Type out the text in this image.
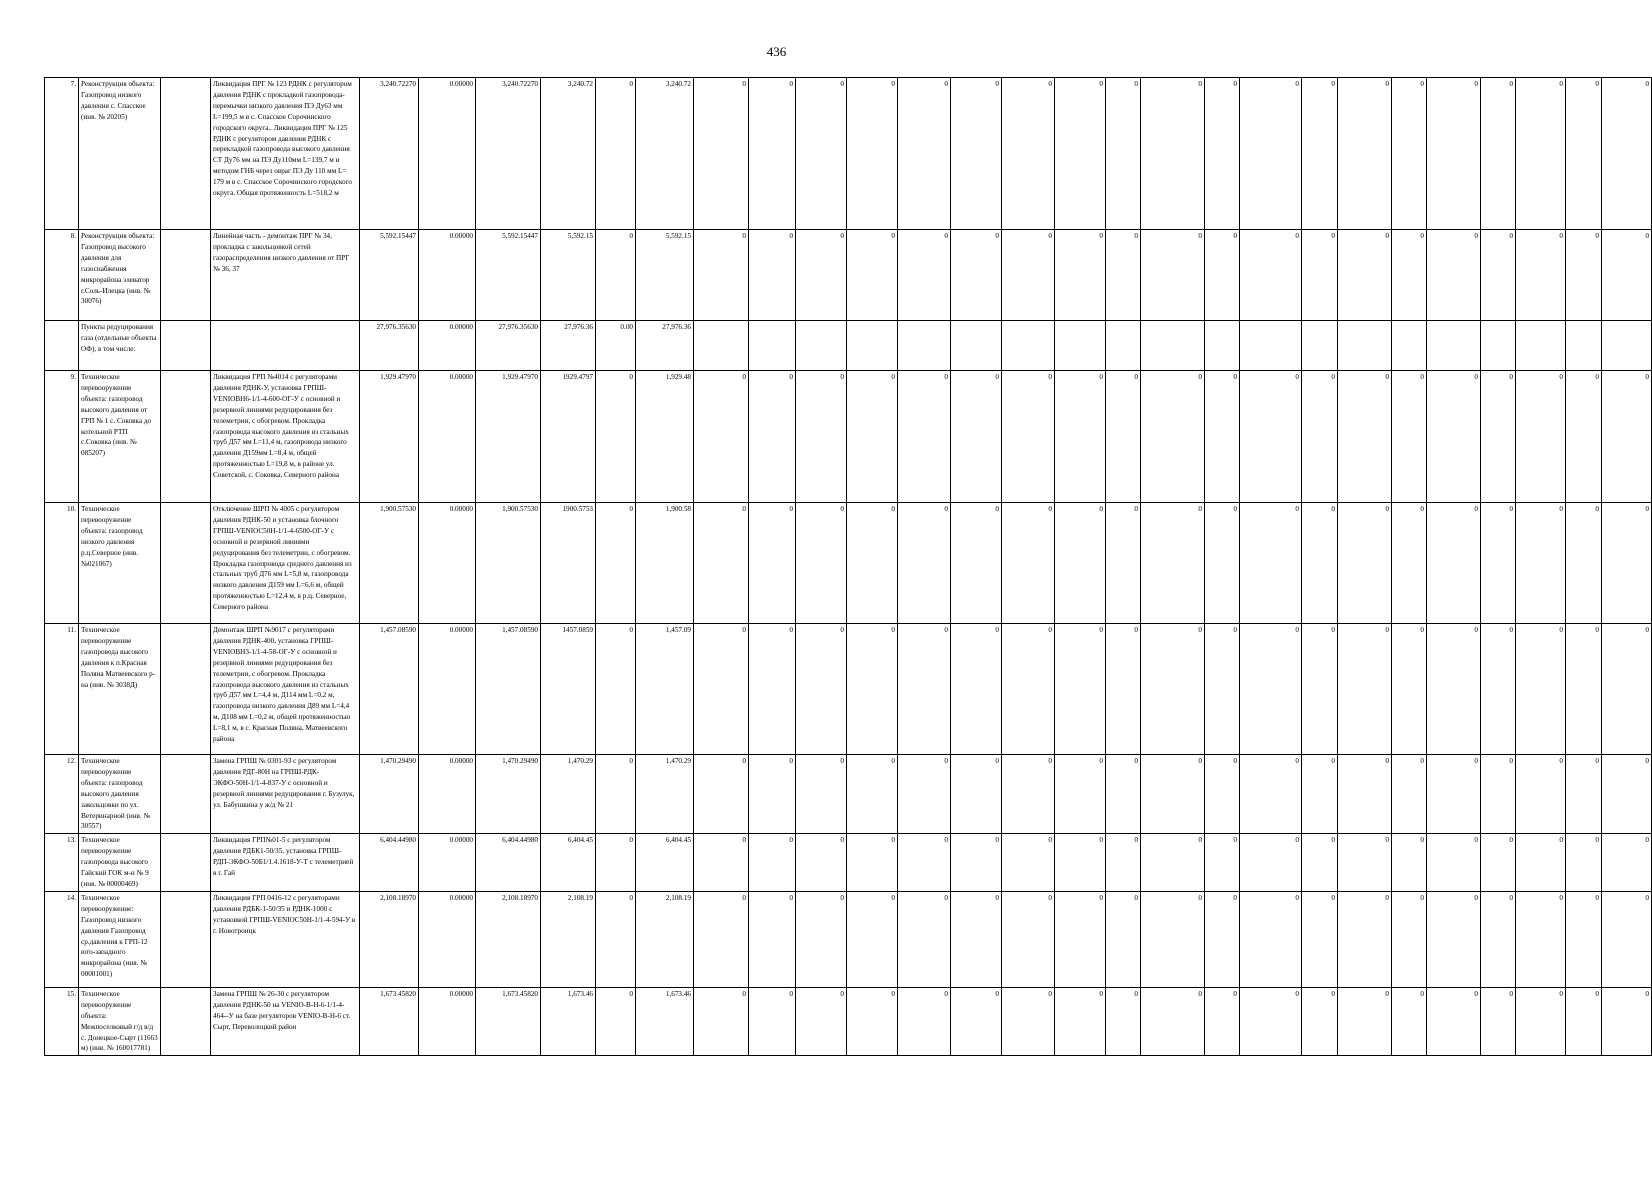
436
7.	Реконструкция объекта: Газопровод низкого давления с. Спасское (инв. № 20205)		Ликвидация ПРГ № 123 РДНК с регулятором давления РДНК с прокладкой газопровода-перемычки низкого давления ПЭ Ду63 мм L=199,5 м в с. Спасское Сорочинского городского округа.. Ликвидация ПРГ № 125 РДНК с регулятором давления РДНК с перекладкой газопровода высокого давления СТ Ду76 мм на ПЭ Ду110мм L=139,7 м и методом ГНБ через овраг ПЭ Ду 110 мм L= 179 м в с. Спасское Сорочинского городского округа. Общая протяженность L=518,2 м	3,240.72270	0.00000	3,240.72270	3,240.72	0	3,240.72	0	0	0	0	0	0	0	0	0	0	0	0	0	0	0	0	0	0	0	0
8.	Реконструкция объекта: Газопровод высокого давления для газоснабжения микрорайона элеватор г.Соль-Илецка (инв. № 30076)		Линейная часть - демонтаж ПРГ № 34, прокладка с закольцовкой сетей газораспределения низкого давления от ПРГ № 36, 37	5,592.15447	0.00000	5,592.15447	5,592.15	0	5,592.15	0	0	0	0	0	0	0	0	0	0	0	0	0	0	0	0	0	0	0	0
	Пункты редуцирования газа (отдельные объекты ОФ), в том числе:			27,976.35630	0.00000	27,976.35630	27,976.36	0.00	27,976.36																				
9.	Техническое перевооружение объекта: газопровод высокого давления от ГРП № 1 с. Соковка до котельной РТП с.Соковка (инв. № 085207)		Ликвидация ГРП №4014 с регуляторами давления РДНК-У, установка ГРПШ-VENIOBH6-1/1-4-600-ОГ-У с основной и резервной линиями редуцирования без телеметрии, с обогревом. Прокладка газопровода высокого давления из стальных труб Д57 мм L=11,4 м, газопровода низкого давления Д159мм L=8,4 м, общей протяженностью L=19,8 м, в районе ул. Советской, с. Соковка, Северного района	1,929.47970	0.00000	1,929.47970	1929.4797	0	1,929.48	0	0	0	0	0	0	0	0	0	0	0	0	0	0	0	0	0	0	0	0
10.	Техническое перевооружение объекта: газопровод низкого давления р.ц.Северное (инв.№021067)		Отключение ШРП № 4005 с регулятором давления РДНК-50 и установка блочного ГРПШ-VENIOC50H-1/1-4-6500-ОГ-У с основной и резервной линиями редуцирования без телеметрии, с обогревом. Прокладка газопровода среднего давления из стальных труб Д76 мм L=5,8 м, газопровода низкого давления Д159 мм L=6,6 м, общей протяженностью L=12,4 м, в р.ц. Северное, Северного района	1,900.57530	0.00000	1,900.57530	1900.5753	0	1,900.58	0	0	0	0	0	0	0	0	0	0	0	0	0	0	0	0	0	0	0	0
11.	Техническое перевооружение газопровода высокого давления к п.Красная Поляна Матвеевского р-на (инв. № 3038Д)		Демонтаж ШРП №9017 с регуляторами давления РДНК-400, установка ГРПШ-VENIOBH3-1/1-4-58-ОГ-У с основной и резервной линиями редуцирования без телеметрии, с обогревом. Прокладка газопровода высокого давления из стальных труб Д57 мм L=4,4 м, Д114 мм L=0,2 м, газопровода низкого давления Д89 мм L=4,4 м, Д108 мм L=0,2 м, общей протяженностью L=8,1 м, в с. Красная Поляна, Матвеевского района	1,457.08590	0.00000	1,457.08590	1457.0859	0	1,457.09	0	0	0	0	0	0	0	0	0	0	0	0	0	0	0	0	0	0	0	0
12.	Техническое перевооружение объекта: газопровод высокого давления закольцовки по ул. Ветеринарной (инв. № 30557)		Замена ГРПШ № 0301-93 с регулятором давления РДГ-80Н на ГРПШ-РДК-ЭКФО-50Н-1/1-4-837-У с основной и резервной линиями редуцирования г. Бузулук, ул. Бабушкина у ж/д № 21	1,470.29490	0.00000	1,470.29490	1,470.29	0	1,470.29	0	0	0	0	0	0	0	0	0	0	0	0	0	0	0	0	0	0	0	0
13.	Техническое перевооружение газопровода высокого Гайский ГОК м-н № 9 (инв. № 00000469)		Ликвидация ГРП№01-5 с регулятором давления РДБК1-50/35, установка ГРПШ-РДП-ЭКФО-50Б1/1.4.1618-У-Т с телеметрией в г. Гай	6,404.44980	0.00000	6,404.44980	6,404.45	0	6,404.45	0	0	0	0	0	0	0	0	0	0	0	0	0	0	0	0	0	0	0	0
14.	Техническое перевооружение: Газопровод низкого давления Газопровод ср.давления к ГРП-12 юго-западного микрорайона (инв. № 00001001)		Ликвидация ГРП 0416-12 с регуляторами давления РДБК-1-50/35 и РДНК-1000 с установкой ГРПШ-VENIOC50H-1/1-4-594-У в г. Новотроицк	2,108.18970	0.00000	2,108.18970	2,108.19	0	2,108.19	0	0	0	0	0	0	0	0	0	0	0	0	0	0	0	0	0	0	0	0
15.	Техническое перевооружение объекта: Межпоселковый г/д в/д с. Донецкое-Сырт (11663 м) (инв. № 160017781)		Замена ГРПШ № 26-30 с регулятором давления РДНК-50 на VENIO-B-H-6-1/1-4-464--У на базе регуляторов VENIO-B-H-6 ст. Сырт, Переволоцкий район	1,673.45820	0.00000	1,673.45820	1,673.46	0	1,673.46	0	0	0	0	0	0	0	0	0	0	0	0	0	0	0	0	0	0	0	0
